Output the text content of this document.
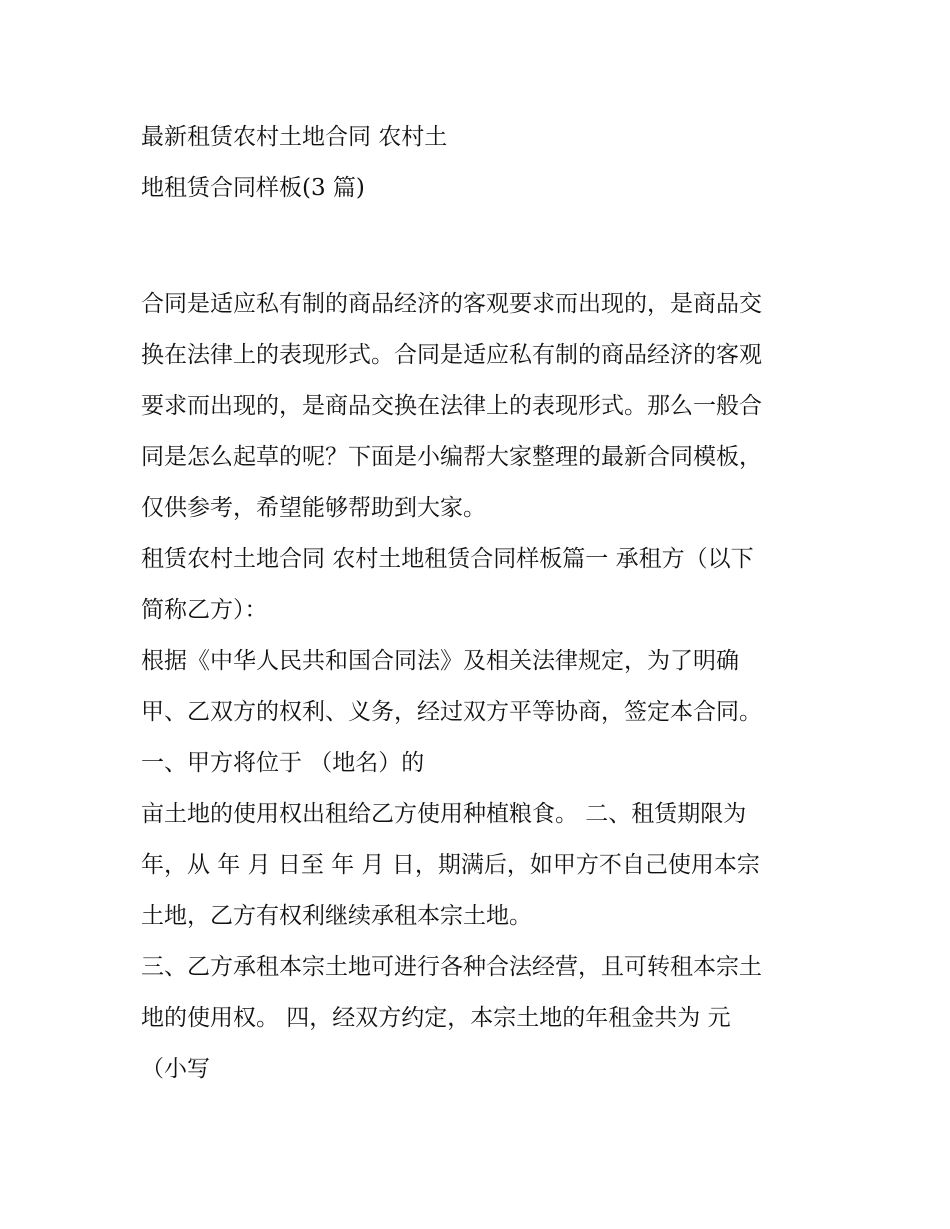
最新租赁农村土地合同 农村土
地租赁合同样板(3 篇)
合同是适应私有制的商品经济的客观要求而出现的，是商品交
换在法律上的表现形式。合同是适应私有制的商品经济的客观
要求而出现的，是商品交换在法律上的表现形式。那么一般合
同是怎么起草的呢？下面是小编帮大家整理的最新合同模板，
仅供参考，希望能够帮助到大家。
租赁农村土地合同 农村土地租赁合同样板篇一 承租方（以下
简称乙方）：
根据《中华人民共和国合同法》及相关法律规定，为了明确
甲、乙双方的权利、义务，经过双方平等协商，签定本合同。
一、甲方将位于 （地名）的
亩土地的使用权出租给乙方使用种植粮食。 二、租赁期限为
年，从 年 月 日至 年 月 日，期满后，如甲方不自己使用本宗
土地，乙方有权利继续承租本宗土地。
三、乙方承租本宗土地可进行各种合法经营，且可转租本宗土
地的使用权。 四，经双方约定，本宗土地的年租金共为 元
（小写
